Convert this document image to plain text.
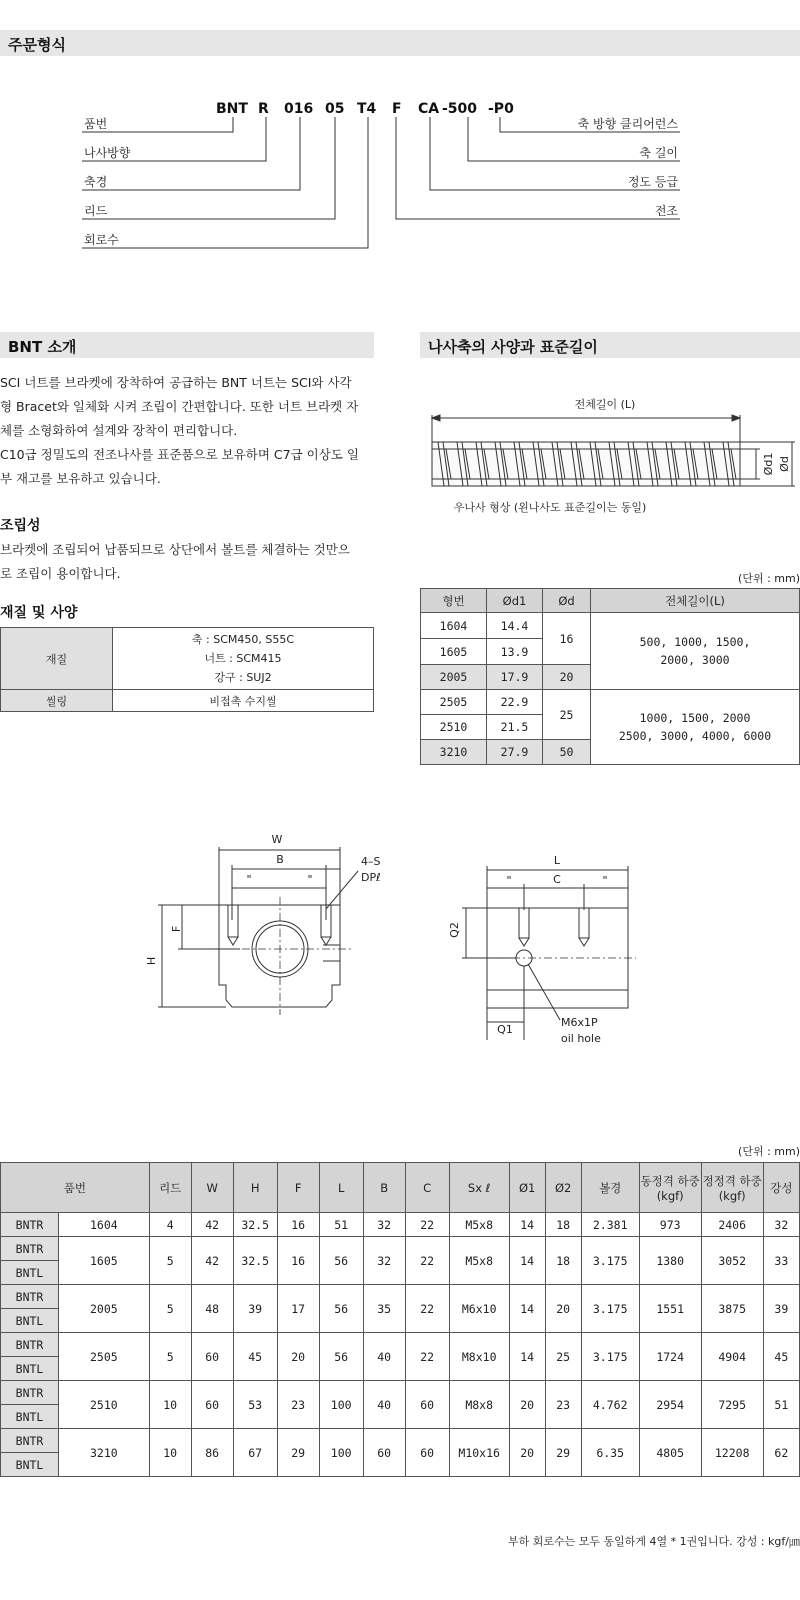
주문형식
BNT R 016 05 T4 F CA -500 -P0
품번
나사방향
축경
리드
회로수
축 방향 클리어런스
축 길이
정도 등급
전조
BNT 소개
SCI 너트를 브라켓에 장착하여 공급하는 BNT 너트는 SCI와 사각
형 Bracet와 일체화 시켜 조립이 간편합니다. 또한 너트 브라켓 자
체를 소형화하여 설계와 장착이 편리합니다.
C10급 정밀도의 전조나사를 표준품으로 보유하며 C7급 이상도 일
부 재고를 보유하고 있습니다.
조립성
브라켓에 조립되어 납품되므로 상단에서 볼트를 체결하는 것만으
로 조립이 용이합니다.
재질 및 사양
재질	축 : SCM450, S55C
너트 : SCM415
강구 : SUJ2

씰링	비접촉 수지씰
나사축의 사양과 표준길이
전체길이 (L)
Ød1 Ød
우나사 형상 (왼나사도 표준길이는 동일)
(단위 : mm)
형번	Ød1	Ød	전체길이(L)
1604	14.4	16	500, 1000, 1500,
2000, 3000

1605	13.9		
2005	17.9	20	
2505	22.9	25	1000, 1500, 2000
2500, 3000, 4000, 6000

2510	21.5		
3210	27.9	50	
W
B	4–S
DPℓ
F
H
"	"
L
C
"	"
Q2
Q1
M6x1P
oil hole
(단위 : mm)
품번		리드	W	H	F	L	B	C	Sx ℓ	Ø1	Ø2	볼경	동정격 하중(kgf)	정정격 하중(kgf)	강성
BNTR	1604	4	42	32.5	16	51	32	22	M5x8	14	18	2.381	973	2406	32
BNTR	1605	5	42	32.5	16	56	32	22	M5x8	14	18	3.175	1380	3052	33
BNTL															
BNTR	2005	5	48	39	17	56	35	22	M6x10	14	20	3.175	1551	3875	39
BNTL															
BNTR	2505	5	60	45	20	56	40	22	M8x10	14	25	3.175	1724	4904	45
BNTL															
BNTR	2510	10	60	53	23	100	40	60	M8x8	20	23	4.762	2954	7295	51
BNTL															
BNTR	3210	10	86	67	29	100	60	60	M10x16	20	29	6.35	4805	12208	62
BNTL															
부하 회로수는 모두 동일하게 4열 * 1권입니다. 강성 : kgf/㎛
